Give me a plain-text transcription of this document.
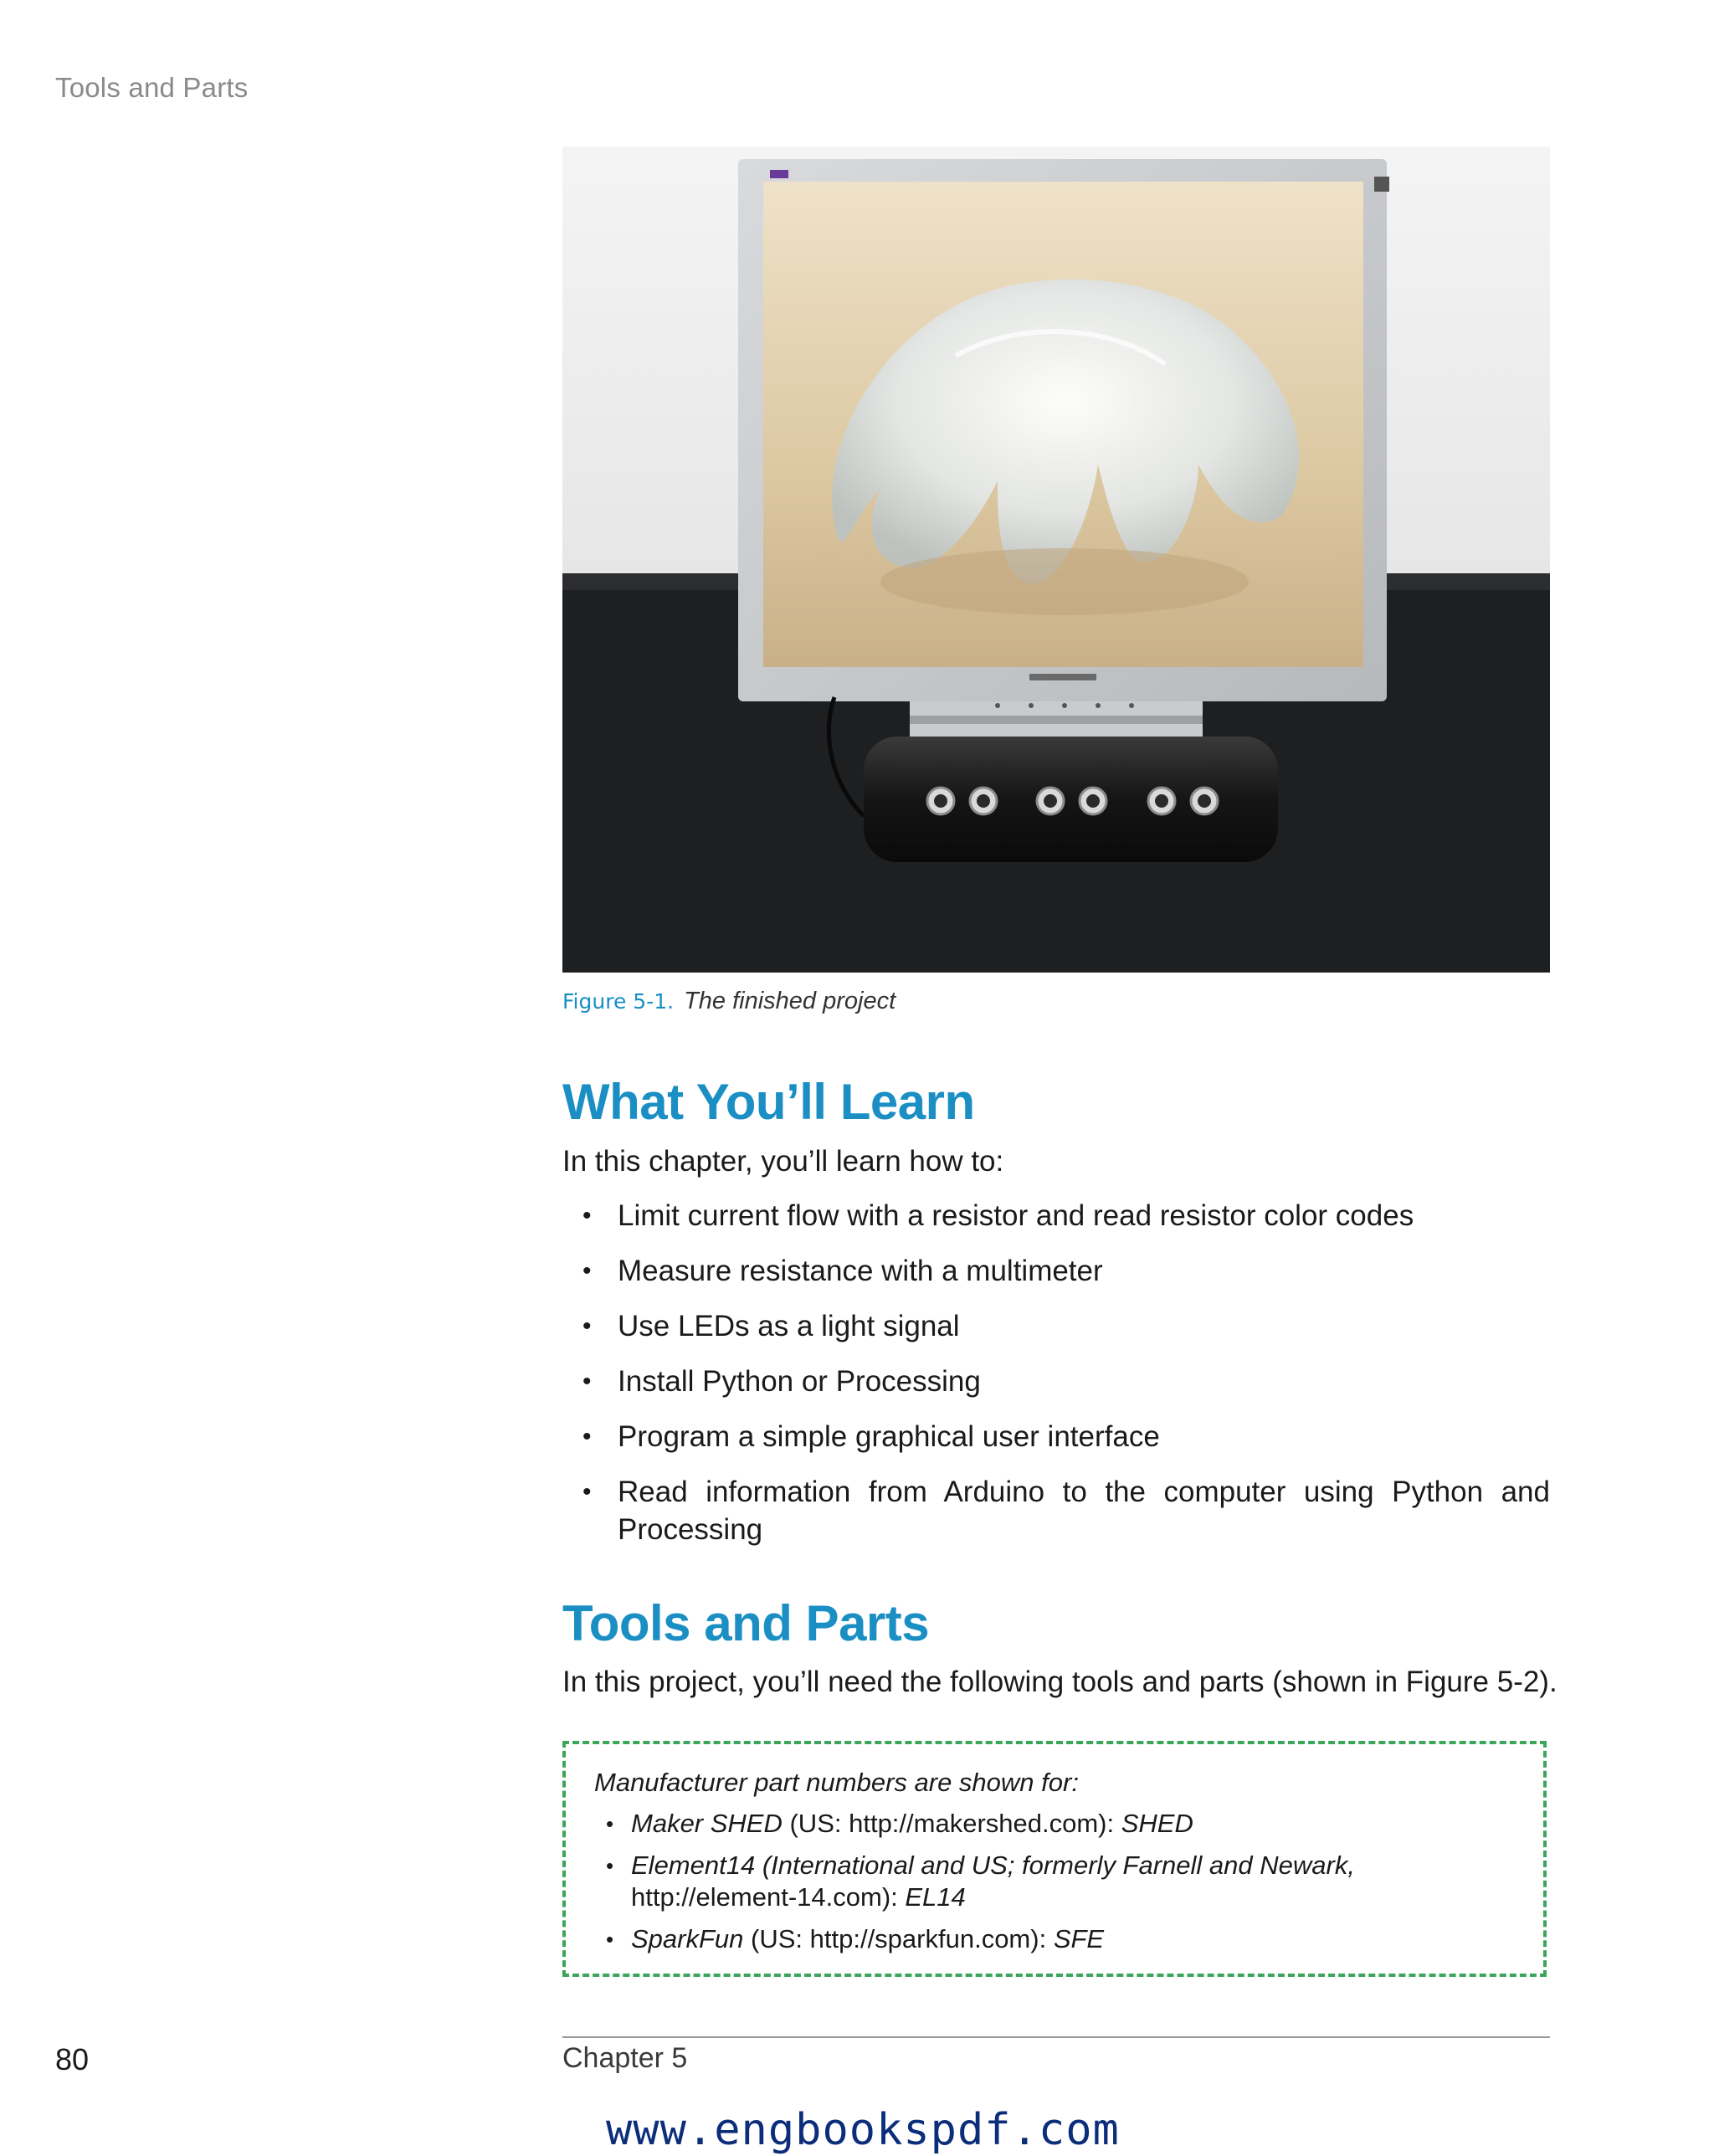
Tools and Parts
Figure 5-1. The finished project
What You’ll Learn

In this chapter, you’ll learn how to:

• Limit current flow with a resistor and read resistor color codes
• Measure resistance with a multimeter
• Use LEDs as a light signal
• Install Python or Processing
• Program a simple graphical user interface
• Read information from Arduino to the computer using Python and Processing
Tools and Parts

In this project, you’ll need the following tools and parts (shown in Figure 5-2).

Manufacturer part numbers are shown for:
• Maker SHED (US: http://makershed.com): SHED
• Element14 (International and US; formerly Farnell and Newark, http://element-14.com): EL14
• SparkFun (US: http://sparkfun.com): SFE
80	Chapter 5
www.engbookspdf.com
